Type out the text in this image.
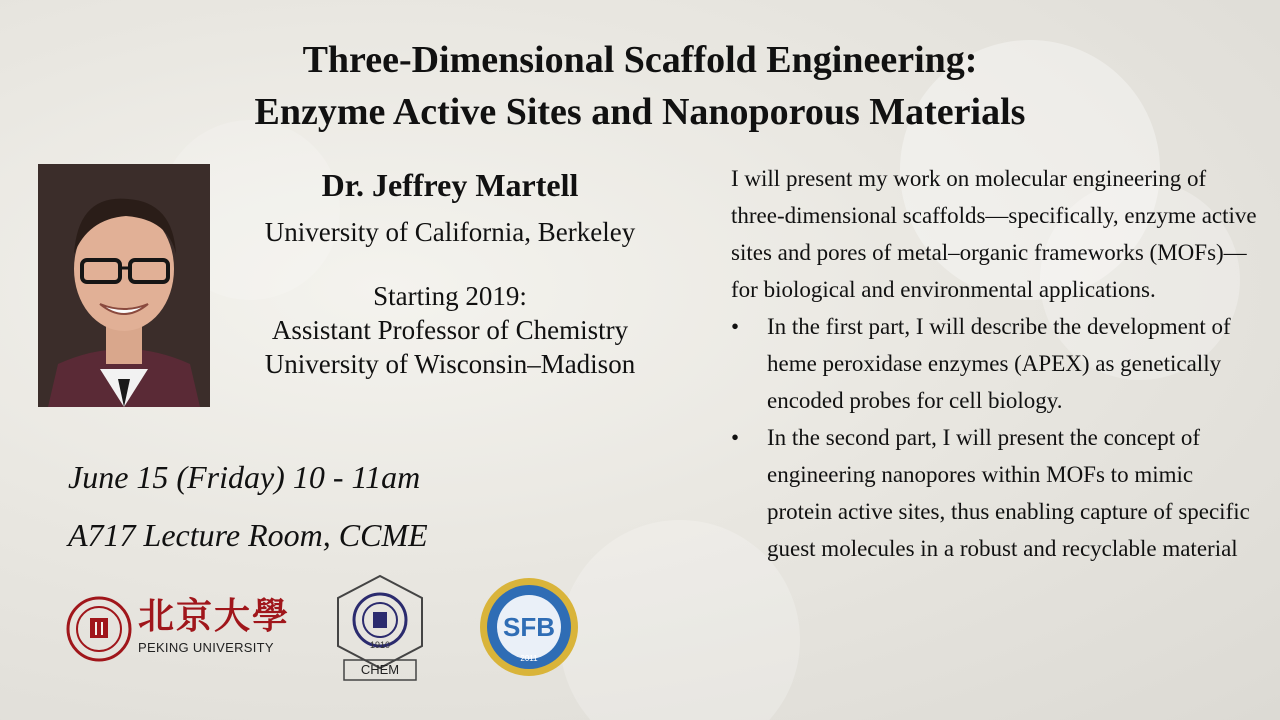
Three-Dimensional Scaffold Engineering:
Enzyme Active Sites and Nanoporous Materials
Dr. Jeffrey Martell
University of California, Berkeley
Starting 2019:
Assistant Professor of Chemistry
University of Wisconsin–Madison
June 15 (Friday) 10 - 11am
A717 Lecture Room, CCME

I will present my work on molecular engineering of three-dimensional scaffolds—specifically, enzyme active sites and pores of metal–organic frameworks (MOFs)—for biological and environmental applications.

• In the first part, I will describe the development of heme peroxidase enzymes (APEX) as genetically encoded probes for cell biology.
• In the second part, I will present the concept of engineering nanopores within MOFs to mimic protein active sites, thus enabling capture of specific guest molecules in a robust and recyclable material
北京大學
PEKING UNIVERSITY	1910
CHEM
SFB
2011
